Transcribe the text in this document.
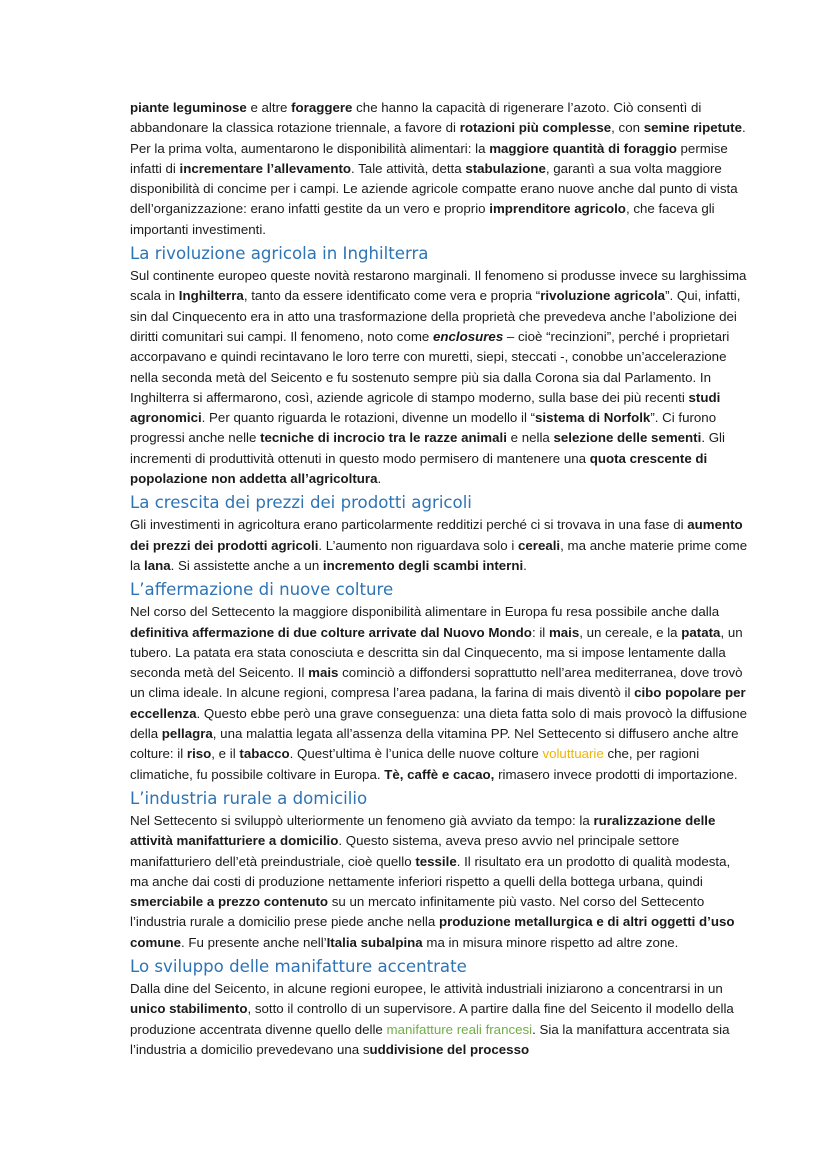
piante leguminose e altre foraggere che hanno la capacità di rigenerare l’azoto. Ciò consentì di abbandonare la classica rotazione triennale, a favore di rotazioni più complesse, con semine ripetute. Per la prima volta, aumentarono le disponibilità alimentari: la maggiore quantità di foraggio permise infatti di incrementare l’allevamento. Tale attività, detta stabulazione, garantì a sua volta maggiore disponibilità di concime per i campi. Le aziende agricole compatte erano nuove anche dal punto di vista dell’organizzazione: erano infatti gestite da un vero e proprio imprenditore agricolo, che faceva gli importanti investimenti.

La rivoluzione agricola in Inghilterra

Sul continente europeo queste novità restarono marginali. Il fenomeno si produsse invece su larghissima scala in Inghilterra, tanto da essere identificato come vera e propria “rivoluzione agricola”. Qui, infatti, sin dal Cinquecento era in atto una trasformazione della proprietà che prevedeva anche l’abolizione dei diritti comunitari sui campi. Il fenomeno, noto come enclosures – cioè “recinzioni”, perché i proprietari accorpavano e quindi recintavano le loro terre con muretti, siepi, steccati -, conobbe un’accelerazione nella seconda metà del Seicento e fu sostenuto sempre più sia dalla Corona sia dal Parlamento. In Inghilterra si affermarono, così, aziende agricole di stampo moderno, sulla base dei più recenti studi agronomici. Per quanto riguarda le rotazioni, divenne un modello il “sistema di Norfolk”. Ci furono progressi anche nelle tecniche di incrocio tra le razze animali e nella selezione delle sementi. Gli incrementi di produttività ottenuti in questo modo permisero di mantenere una quota crescente di popolazione non addetta all’agricoltura.

La crescita dei prezzi dei prodotti agricoli

Gli investimenti in agricoltura erano particolarmente redditizi perché ci si trovava in una fase di aumento dei prezzi dei prodotti agricoli. L’aumento non riguardava solo i cereali, ma anche materie prime come la lana. Si assistette anche a un incremento degli scambi interni.

L’affermazione di nuove colture

Nel corso del Settecento la maggiore disponibilità alimentare in Europa fu resa possibile anche dalla definitiva affermazione di due colture arrivate dal Nuovo Mondo: il mais, un cereale, e la patata, un tubero. La patata era stata conosciuta e descritta sin dal Cinquecento, ma si impose lentamente dalla seconda metà del Seicento. Il mais cominciò a diffondersi soprattutto nell’area mediterranea, dove trovò un clima ideale. In alcune regioni, compresa l’area padana, la farina di mais diventò il cibo popolare per eccellenza. Questo ebbe però una grave conseguenza: una dieta fatta solo di mais provocò la diffusione della pellagra, una malattia legata all’assenza della vitamina PP. Nel Settecento si diffusero anche altre colture: il riso, e il tabacco. Quest’ultima è l’unica delle nuove colture voluttuarie che, per ragioni climatiche, fu possibile coltivare in Europa. Tè, caffè e cacao, rimasero invece prodotti di importazione.

L’industria rurale a domicilio

Nel Settecento si sviluppò ulteriormente un fenomeno già avviato da tempo: la ruralizzazione delle attività manifatturiere a domicilio. Questo sistema, aveva preso avvio nel principale settore manifatturiero dell’età preindustriale, cioè quello tessile. Il risultato era un prodotto di qualità modesta, ma anche dai costi di produzione nettamente inferiori rispetto a quelli della bottega urbana, quindi smerciabile a prezzo contenuto su un mercato infinitamente più vasto. Nel corso del Settecento l’industria rurale a domicilio prese piede anche nella produzione metallurgica e di altri oggetti d’uso comune. Fu presente anche nell’Italia subalpina ma in misura minore rispetto ad altre zone.

Lo sviluppo delle manifatture accentrate

Dalla dine del Seicento, in alcune regioni europee, le attività industriali iniziarono a concentrarsi in un unico stabilimento, sotto il controllo di un supervisore. A partire dalla fine del Seicento il modello della produzione accentrata divenne quello delle manifatture reali francesi. Sia la manifattura accentrata sia l’industria a domicilio prevedevano una suddivisione del processo
